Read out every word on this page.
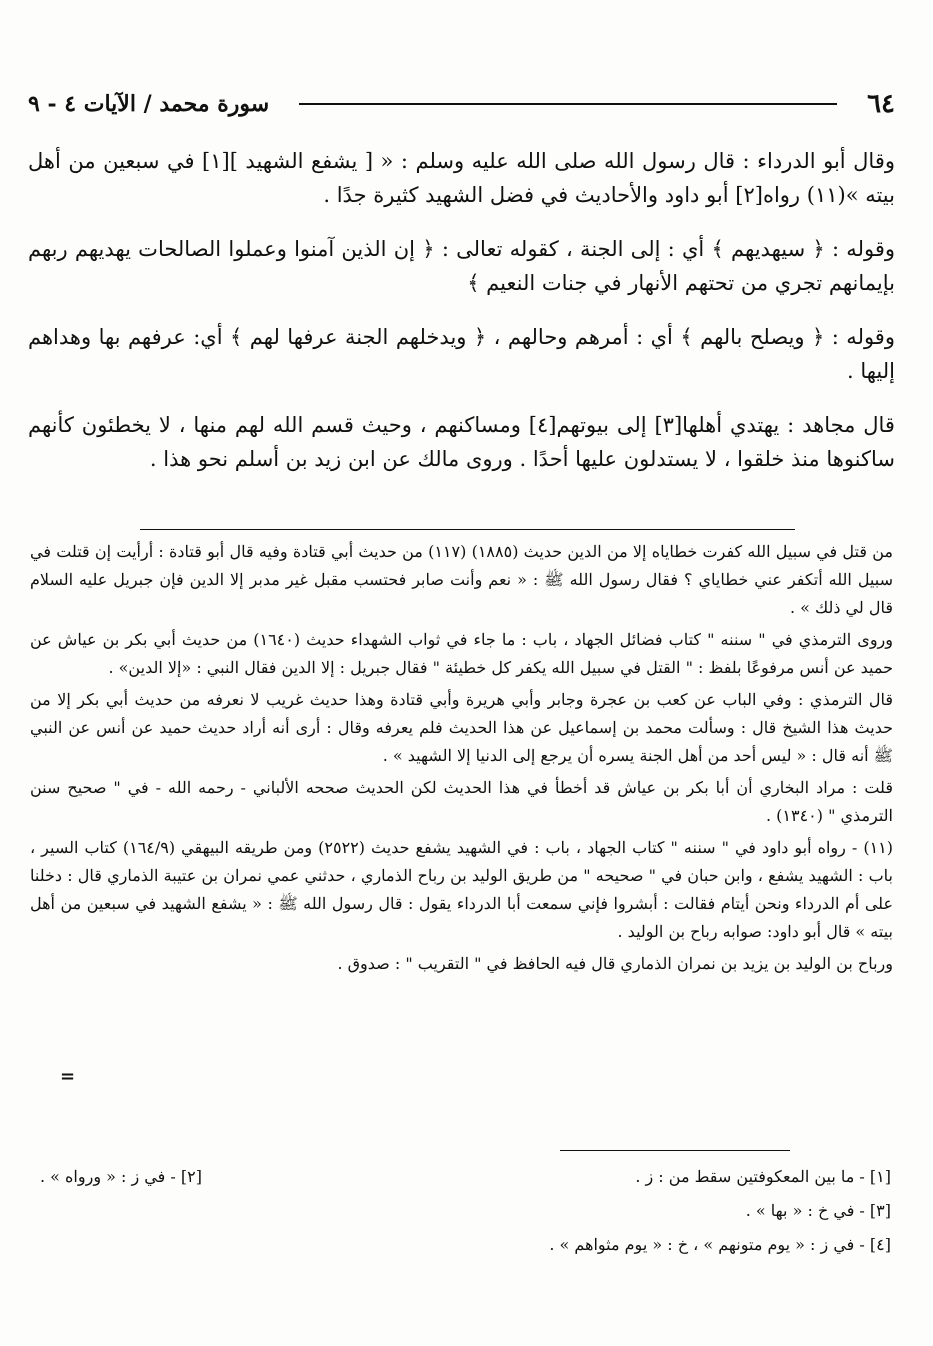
٦٤
سورة محمد / الآيات ٤ - ٩

وقال أبو الدرداء : قال رسول الله صلى الله عليه وسلم : « [ يشفع الشهيد ][١] في سبعين من أهل بيته »(١١) رواه[٢] أبو داود والأحاديث في فضل الشهيد كثيرة جدًا .

وقوله : ﴿ سيهديهم ﴾ أي : إلى الجنة ، كقوله تعالى : ﴿ إن الذين آمنوا وعملوا الصالحات يهديهم ربهم بإيمانهم تجري من تحتهم الأنهار في جنات النعيم ﴾

وقوله : ﴿ ويصلح بالهم ﴾ أي : أمرهم وحالهم ، ﴿ ويدخلهم الجنة عرفها لهم ﴾ أي: عرفهم بها وهداهم إليها .

قال مجاهد : يهتدي أهلها[٣] إلى بيوتهم[٤] ومساكنهم ، وحيث قسم الله لهم منها ، لا يخطئون كأنهم ساكنوها منذ خلقوا ، لا يستدلون عليها أحدًا . وروى مالك عن ابن زيد بن أسلم نحو هذا .

من قتل في سبيل الله كفرت خطاياه إلا من الدين حديث (١٨٨٥) (١١٧) من حديث أبي قتادة وفيه قال أبو قتادة : أرأيت إن قتلت في سبيل الله أتكفر عني خطاياي ؟ فقال رسول الله ﷺ : « نعم وأنت صابر فحتسب مقبل غير مدبر إلا الدين فإن جبريل عليه السلام قال لي ذلك » .

وروى الترمذي في " سننه " كتاب فضائل الجهاد ، باب : ما جاء في ثواب الشهداء حديث (١٦٤٠) من حديث أبي بكر بن عياش عن حميد عن أنس مرفوعًا بلفظ : " القتل في سبيل الله يكفر كل خطيئة " فقال جبريل : إلا الدين فقال النبي : «إلا الدين» .

قال الترمذي : وفي الباب عن كعب بن عجرة وجابر وأبي هريرة وأبي قتادة وهذا حديث غريب لا نعرفه من حديث أبي بكر إلا من حديث هذا الشيخ قال : وسألت محمد بن إسماعيل عن هذا الحديث فلم يعرفه وقال : أرى أنه أراد حديث حميد عن أنس عن النبي ﷺ أنه قال : « ليس أحد من أهل الجنة يسره أن يرجع إلى الدنيا إلا الشهيد » .

قلت : مراد البخاري أن أبا بكر بن عياش قد أخطأ في هذا الحديث لكن الحديث صححه الألباني - رحمه الله - في " صحيح سنن الترمذي " (١٣٤٠) .

(١١) - رواه أبو داود في " سننه " كتاب الجهاد ، باب : في الشهيد يشفع حديث (٢٥٢٢) ومن طريقه البيهقي (١٦٤/٩) كتاب السير ، باب : الشهيد يشفع ، وابن حبان في " صحيحه " من طريق الوليد بن رباح الذماري ، حدثني عمي نمران بن عتيبة الذماري قال : دخلنا على أم الدرداء ونحن أيتام فقالت : أبشروا فإني سمعت أبا الدرداء يقول : قال رسول الله ﷺ : « يشفع الشهيد في سبعين من أهل بيته » قال أبو داود: صوابه رباح بن الوليد .

ورباح بن الوليد بن يزيد بن نمران الذماري قال فيه الحافظ في " التقريب " : صدوق .

=
[١] - ما بين المعكوفتين سقط من : ز .
[٢] - في ز : « ورواه » .
[٣] - في خ : « بها » .
[٤] - في ز : « يوم متونهم » ، خ : « يوم مثواهم » .
